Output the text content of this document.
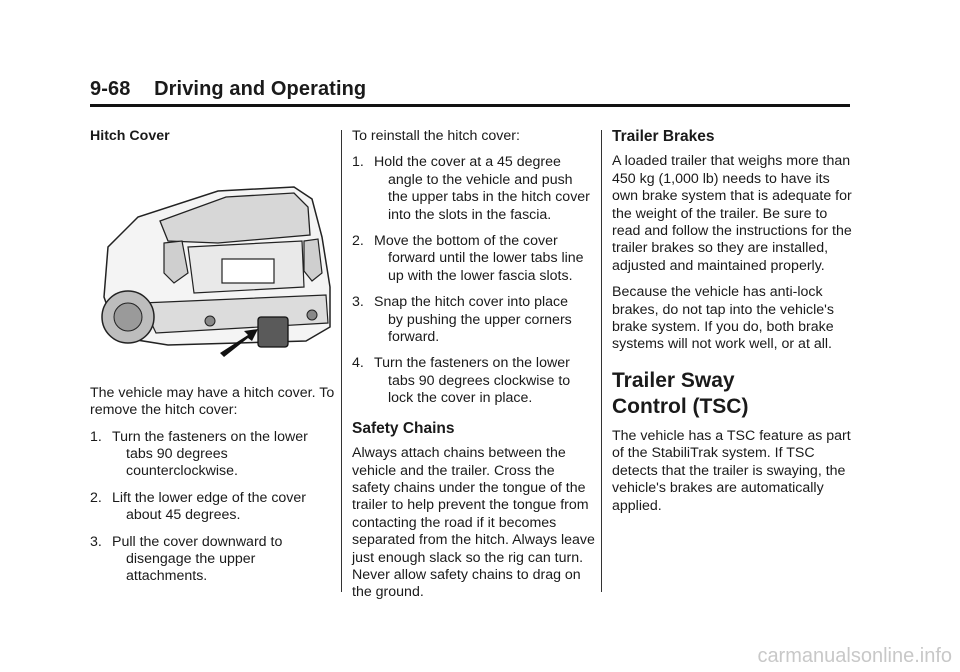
9-68 Driving and Operating
Hitch Cover

The vehicle may have a hitch cover. To remove the hitch cover:

1. Turn the fasteners on the lower
tabs 90 degrees counterclockwise.
2. Lift the lower edge of the cover
about 45 degrees.
3. Pull the cover downward to
disengage the upper attachments.

To reinstall the hitch cover:

1. Hold the cover at a 45 degree
angle to the vehicle and push the upper tabs in the hitch cover into the slots in the fascia.
2. Move the bottom of the cover
forward until the lower tabs line up with the lower fascia slots.
3. Snap the hitch cover into place
by pushing the upper corners forward.
4. Turn the fasteners on the lower
tabs 90 degrees clockwise to lock the cover in place.
Safety Chains

Always attach chains between the vehicle and the trailer. Cross the safety chains under the tongue of the trailer to help prevent the tongue from contacting the road if it becomes separated from the hitch. Always leave just enough slack so the rig can turn. Never allow safety chains to drag on the ground.

Trailer Brakes

A loaded trailer that weighs more than 450 kg (1,000 lb) needs to have its own brake system that is adequate for the weight of the trailer. Be sure to read and follow the instructions for the trailer brakes so they are installed, adjusted and maintained properly.

Because the vehicle has anti-lock brakes, do not tap into the vehicle's brake system. If you do, both brake systems will not work well, or at all.

Trailer Sway
Control (TSC)

The vehicle has a TSC feature as part of the StabiliTrak system. If TSC detects that the trailer is swaying, the vehicle's brakes are automatically applied.

carmanualsonline.info
